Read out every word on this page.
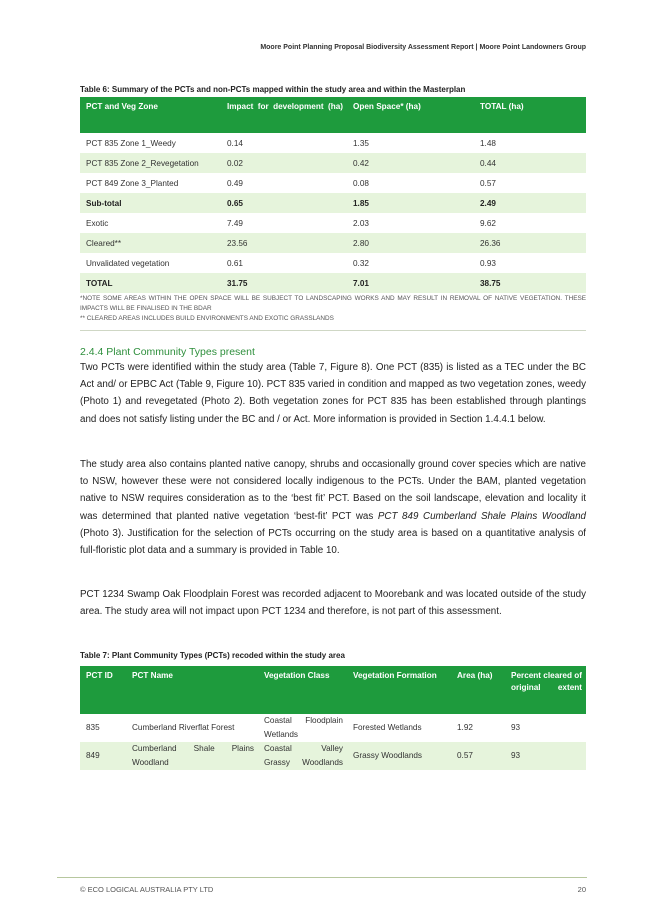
Moore Point Planning Proposal Biodiversity Assessment Report | Moore Point Landowners Group
Table 6: Summary of the PCTs and non-PCTs mapped within the study area and within the Masterplan
PCT and Veg Zone	Impact for development (ha)	Open Space* (ha)	TOTAL (ha)
PCT 835 Zone 1_Weedy	0.14	1.35	1.48
PCT 835 Zone 2_Revegetation	0.02	0.42	0.44
PCT 849 Zone 3_Planted	0.49	0.08	0.57
Sub-total	0.65	1.85	2.49
Exotic	7.49	2.03	9.62
Cleared**	23.56	2.80	26.36
Unvalidated vegetation	0.61	0.32	0.93
TOTAL	31.75	7.01	38.75
*NOTE SOME AREAS WITHIN THE OPEN SPACE WILL BE SUBJECT TO LANDSCAPING WORKS AND MAY RESULT IN REMOVAL OF NATIVE VEGETATION. THESE IMPACTS WILL BE FINALISED IN THE BDAR
** CLEARED AREAS INCLUDES BUILD ENVIRONMENTS AND EXOTIC GRASSLANDS
2.4.4 Plant Community Types present

Two PCTs were identified within the study area (Table 7, Figure 8). One PCT (835) is listed as a TEC under the BC Act and/ or EPBC Act (Table 9, Figure 10). PCT 835 varied in condition and mapped as two vegetation zones, weedy (Photo 1) and revegetated (Photo 2). Both vegetation zones for PCT 835 has been established through plantings and does not satisfy listing under the BC and / or Act. More information is provided in Section 1.4.4.1 below.

The study area also contains planted native canopy, shrubs and occasionally ground cover species which are native to NSW, however these were not considered locally indigenous to the PCTs. Under the BAM, planted vegetation native to NSW requires consideration as to the ‘best fit’ PCT. Based on the soil landscape, elevation and locality it was determined that planted native vegetation ‘best-fit’ PCT was PCT 849 Cumberland Shale Plains Woodland (Photo 3). Justification for the selection of PCTs occurring on the study area is based on a quantitative analysis of full-floristic plot data and a summary is provided in Table 10.

PCT 1234 Swamp Oak Floodplain Forest was recorded adjacent to Moorebank and was located outside of the study area. The study area will not impact upon PCT 1234 and therefore, is not part of this assessment.

Table 7: Plant Community Types (PCTs) recoded within the study area
PCT ID	PCT Name	Vegetation Class	Vegetation Formation	Area (ha)	Percent cleared of original extent
835	Cumberland Riverflat Forest	Coastal Floodplain Wetlands	Forested Wetlands	1.92	93
849	Cumberland Shale Plains Woodland	Coastal Valley Grassy Woodlands	Grassy Woodlands	0.57	93
© ECO LOGICAL AUSTRALIA PTY LTD	20
